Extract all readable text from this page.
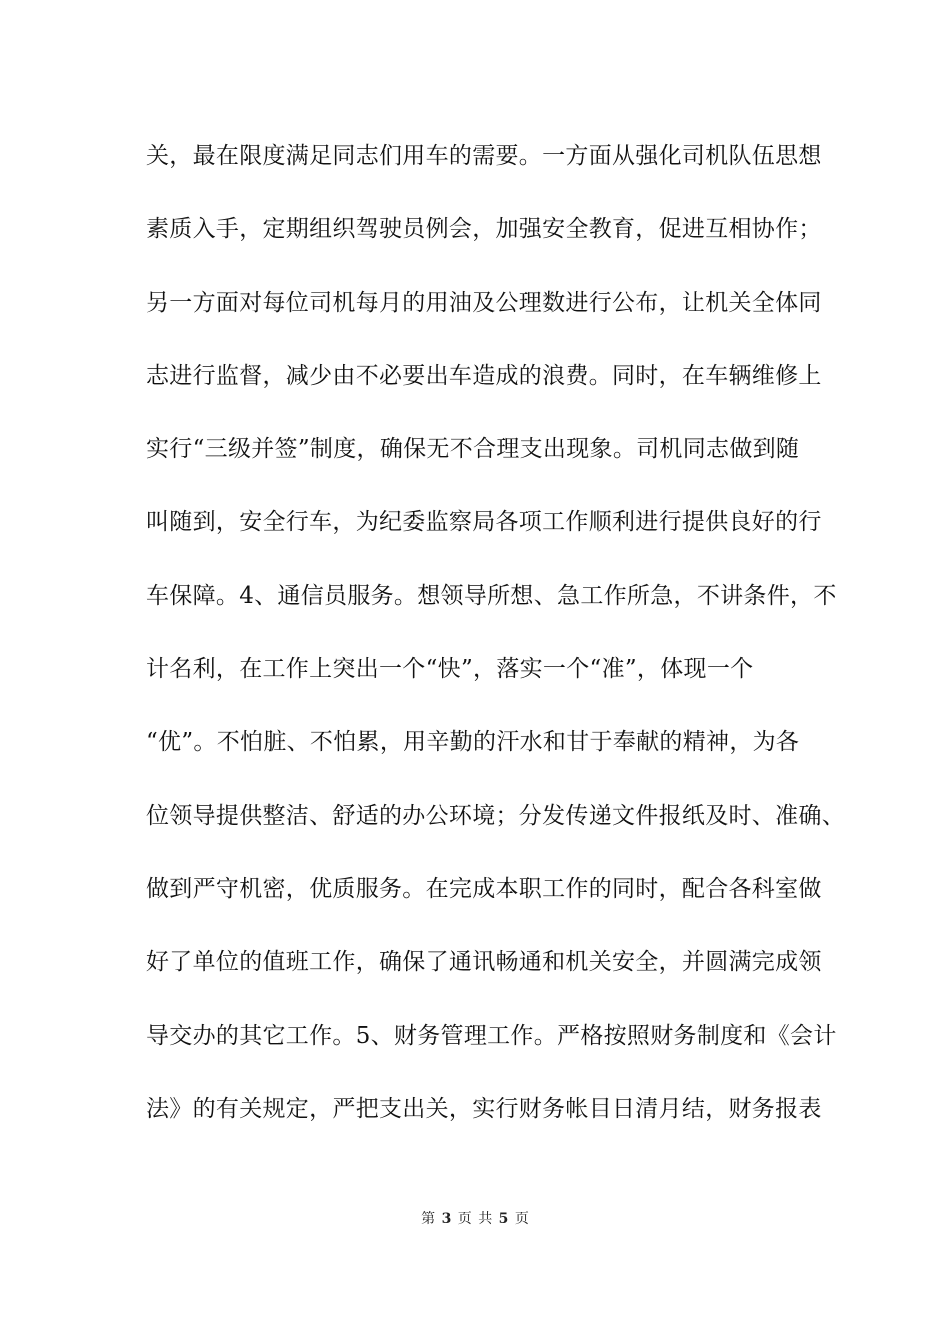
关，最在限度满足同志们用车的需要。一方面从强化司机队伍思想
素质入手，定期组织驾驶员例会，加强安全教育，促进互相协作；
另一方面对每位司机每月的用油及公理数进行公布，让机关全体同
志进行监督，减少由不必要出车造成的浪费。同时，在车辆维修上
实行“三级并签”制度，确保无不合理支出现象。司机同志做到随
叫随到，安全行车，为纪委监察局各项工作顺利进行提供良好的行
车保障。4、通信员服务。想领导所想、急工作所急，不讲条件，不
计名利，在工作上突出一个“快”，落实一个“准”，体现一个
“优”。不怕脏、不怕累，用辛勤的汗水和甘于奉献的精神，为各
位领导提供整洁、舒适的办公环境；分发传递文件报纸及时、准确、
做到严守机密，优质服务。在完成本职工作的同时，配合各科室做
好了单位的值班工作，确保了通讯畅通和机关安全，并圆满完成领
导交办的其它工作。5、财务管理工作。严格按照财务制度和《会计
法》的有关规定，严把支出关，实行财务帐目日清月结，财务报表
第 3 页 共 5 页
